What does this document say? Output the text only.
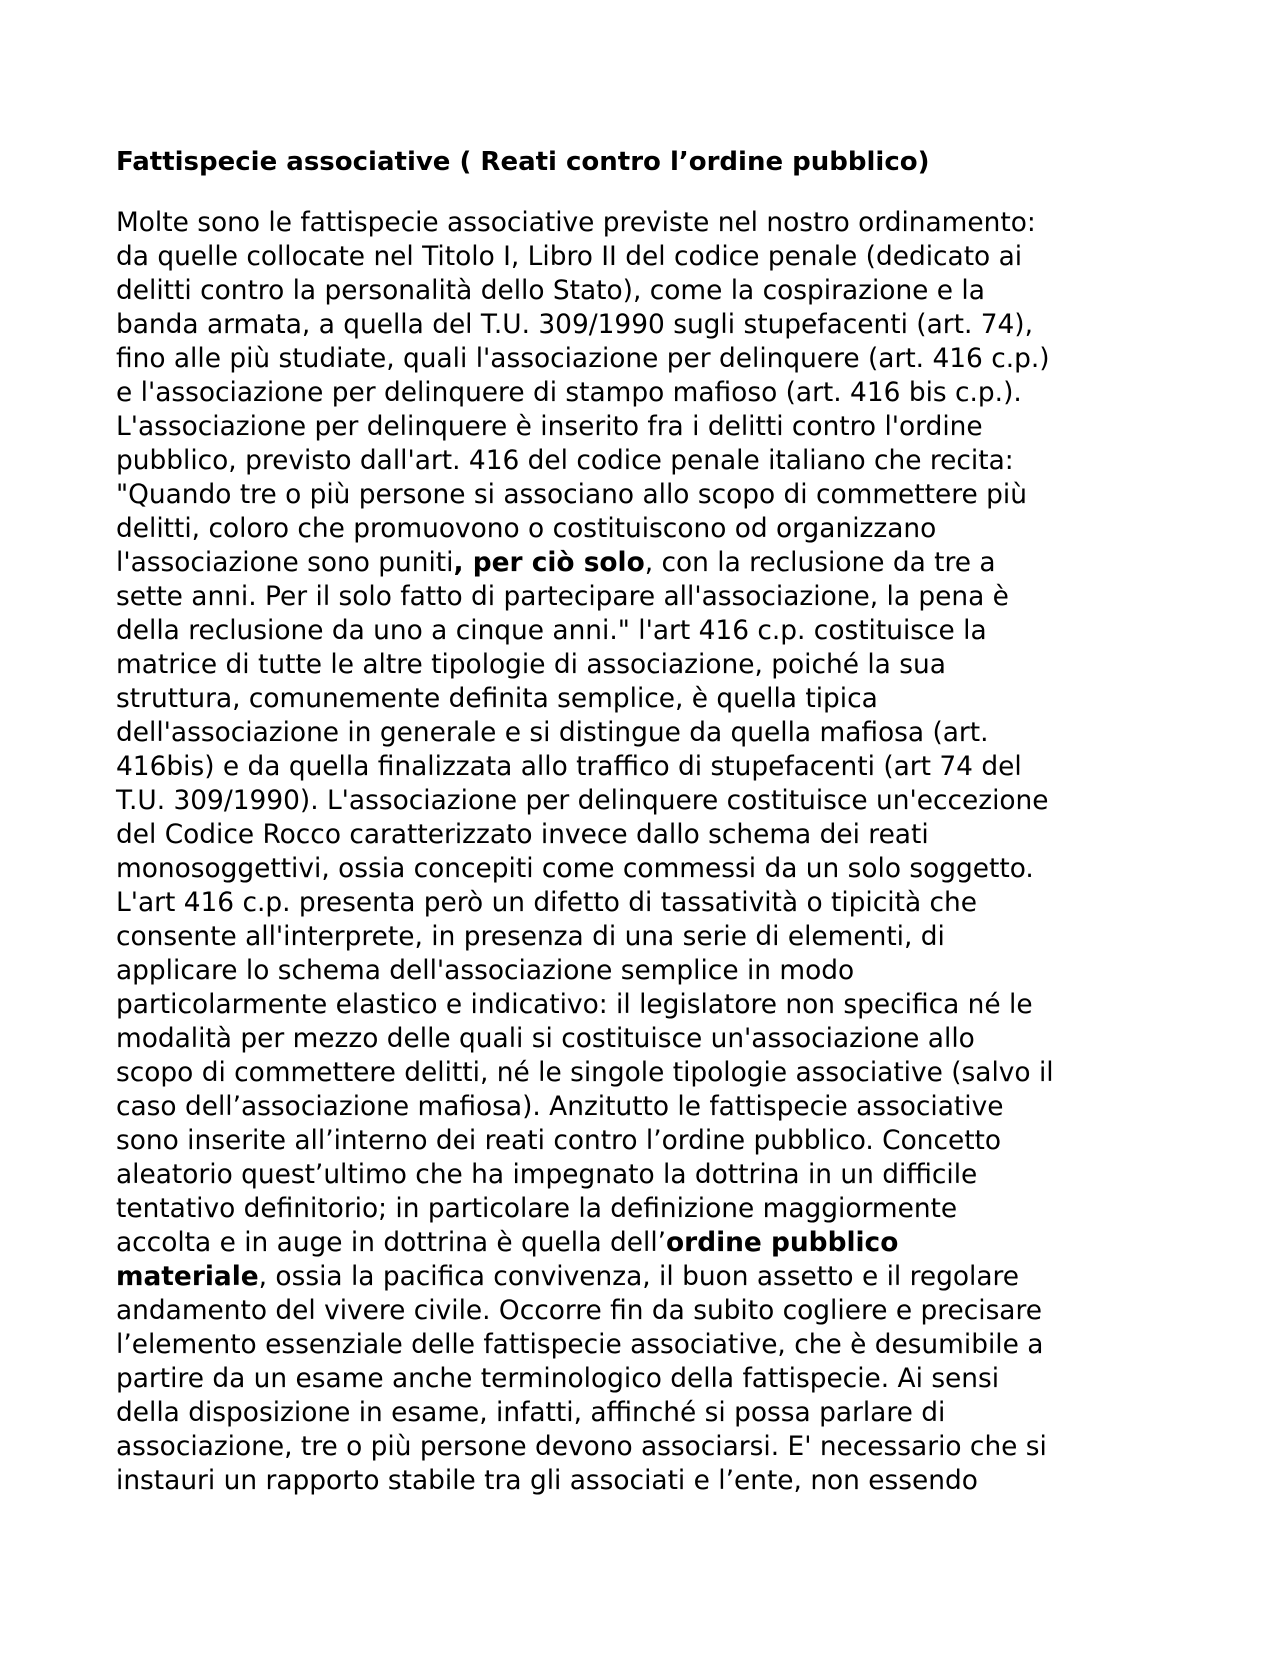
Fattispecie associative ( Reati contro l’ordine pubblico)
Molte sono le fattispecie associative previste nel nostro ordinamento:
da quelle collocate nel Titolo I, Libro II del codice penale (dedicato ai
delitti contro la personalità dello Stato), come la cospirazione e la
banda armata, a quella del T.U. 309/1990 sugli stupefacenti (art. 74),
fino alle più studiate, quali l'associazione per delinquere (art. 416 c.p.)
e l'associazione per delinquere di stampo mafioso (art. 416 bis c.p.).
L'associazione per delinquere è inserito fra i delitti contro l'ordine
pubblico, previsto dall'art. 416 del codice penale italiano che recita:
"Quando tre o più persone si associano allo scopo di commettere più
delitti, coloro che promuovono o costituiscono od organizzano
l'associazione sono puniti, per ciò solo, con la reclusione da tre a
sette anni. Per il solo fatto di partecipare all'associazione, la pena è
della reclusione da uno a cinque anni." l'art 416 c.p. costituisce la
matrice di tutte le altre tipologie di associazione, poiché la sua
struttura, comunemente definita semplice, è quella tipica
dell'associazione in generale e si distingue da quella mafiosa (art.
416bis) e da quella finalizzata allo traffico di stupefacenti (art 74 del
T.U. 309/1990). L'associazione per delinquere costituisce un'eccezione
del Codice Rocco caratterizzato invece dallo schema dei reati
monosoggettivi, ossia concepiti come commessi da un solo soggetto.
L'art 416 c.p. presenta però un difetto di tassatività o tipicità che
consente all'interprete, in presenza di una serie di elementi, di
applicare lo schema dell'associazione semplice in modo
particolarmente elastico e indicativo: il legislatore non specifica né le
modalità per mezzo delle quali si costituisce un'associazione allo
scopo di commettere delitti, né le singole tipologie associative (salvo il
caso dell’associazione mafiosa). Anzitutto le fattispecie associative
sono inserite all’interno dei reati contro l’ordine pubblico. Concetto
aleatorio quest’ultimo che ha impegnato la dottrina in un difficile
tentativo definitorio; in particolare la definizione maggiormente
accolta e in auge in dottrina è quella dell’ordine pubblico
materiale, ossia la pacifica convivenza, il buon assetto e il regolare
andamento del vivere civile. Occorre fin da subito cogliere e precisare
l’elemento essenziale delle fattispecie associative, che è desumibile a
partire da un esame anche terminologico della fattispecie. Ai sensi
della disposizione in esame, infatti, affinché si possa parlare di
associazione, tre o più persone devono associarsi. E' necessario che si
instauri un rapporto stabile tra gli associati e l’ente, non essendo
